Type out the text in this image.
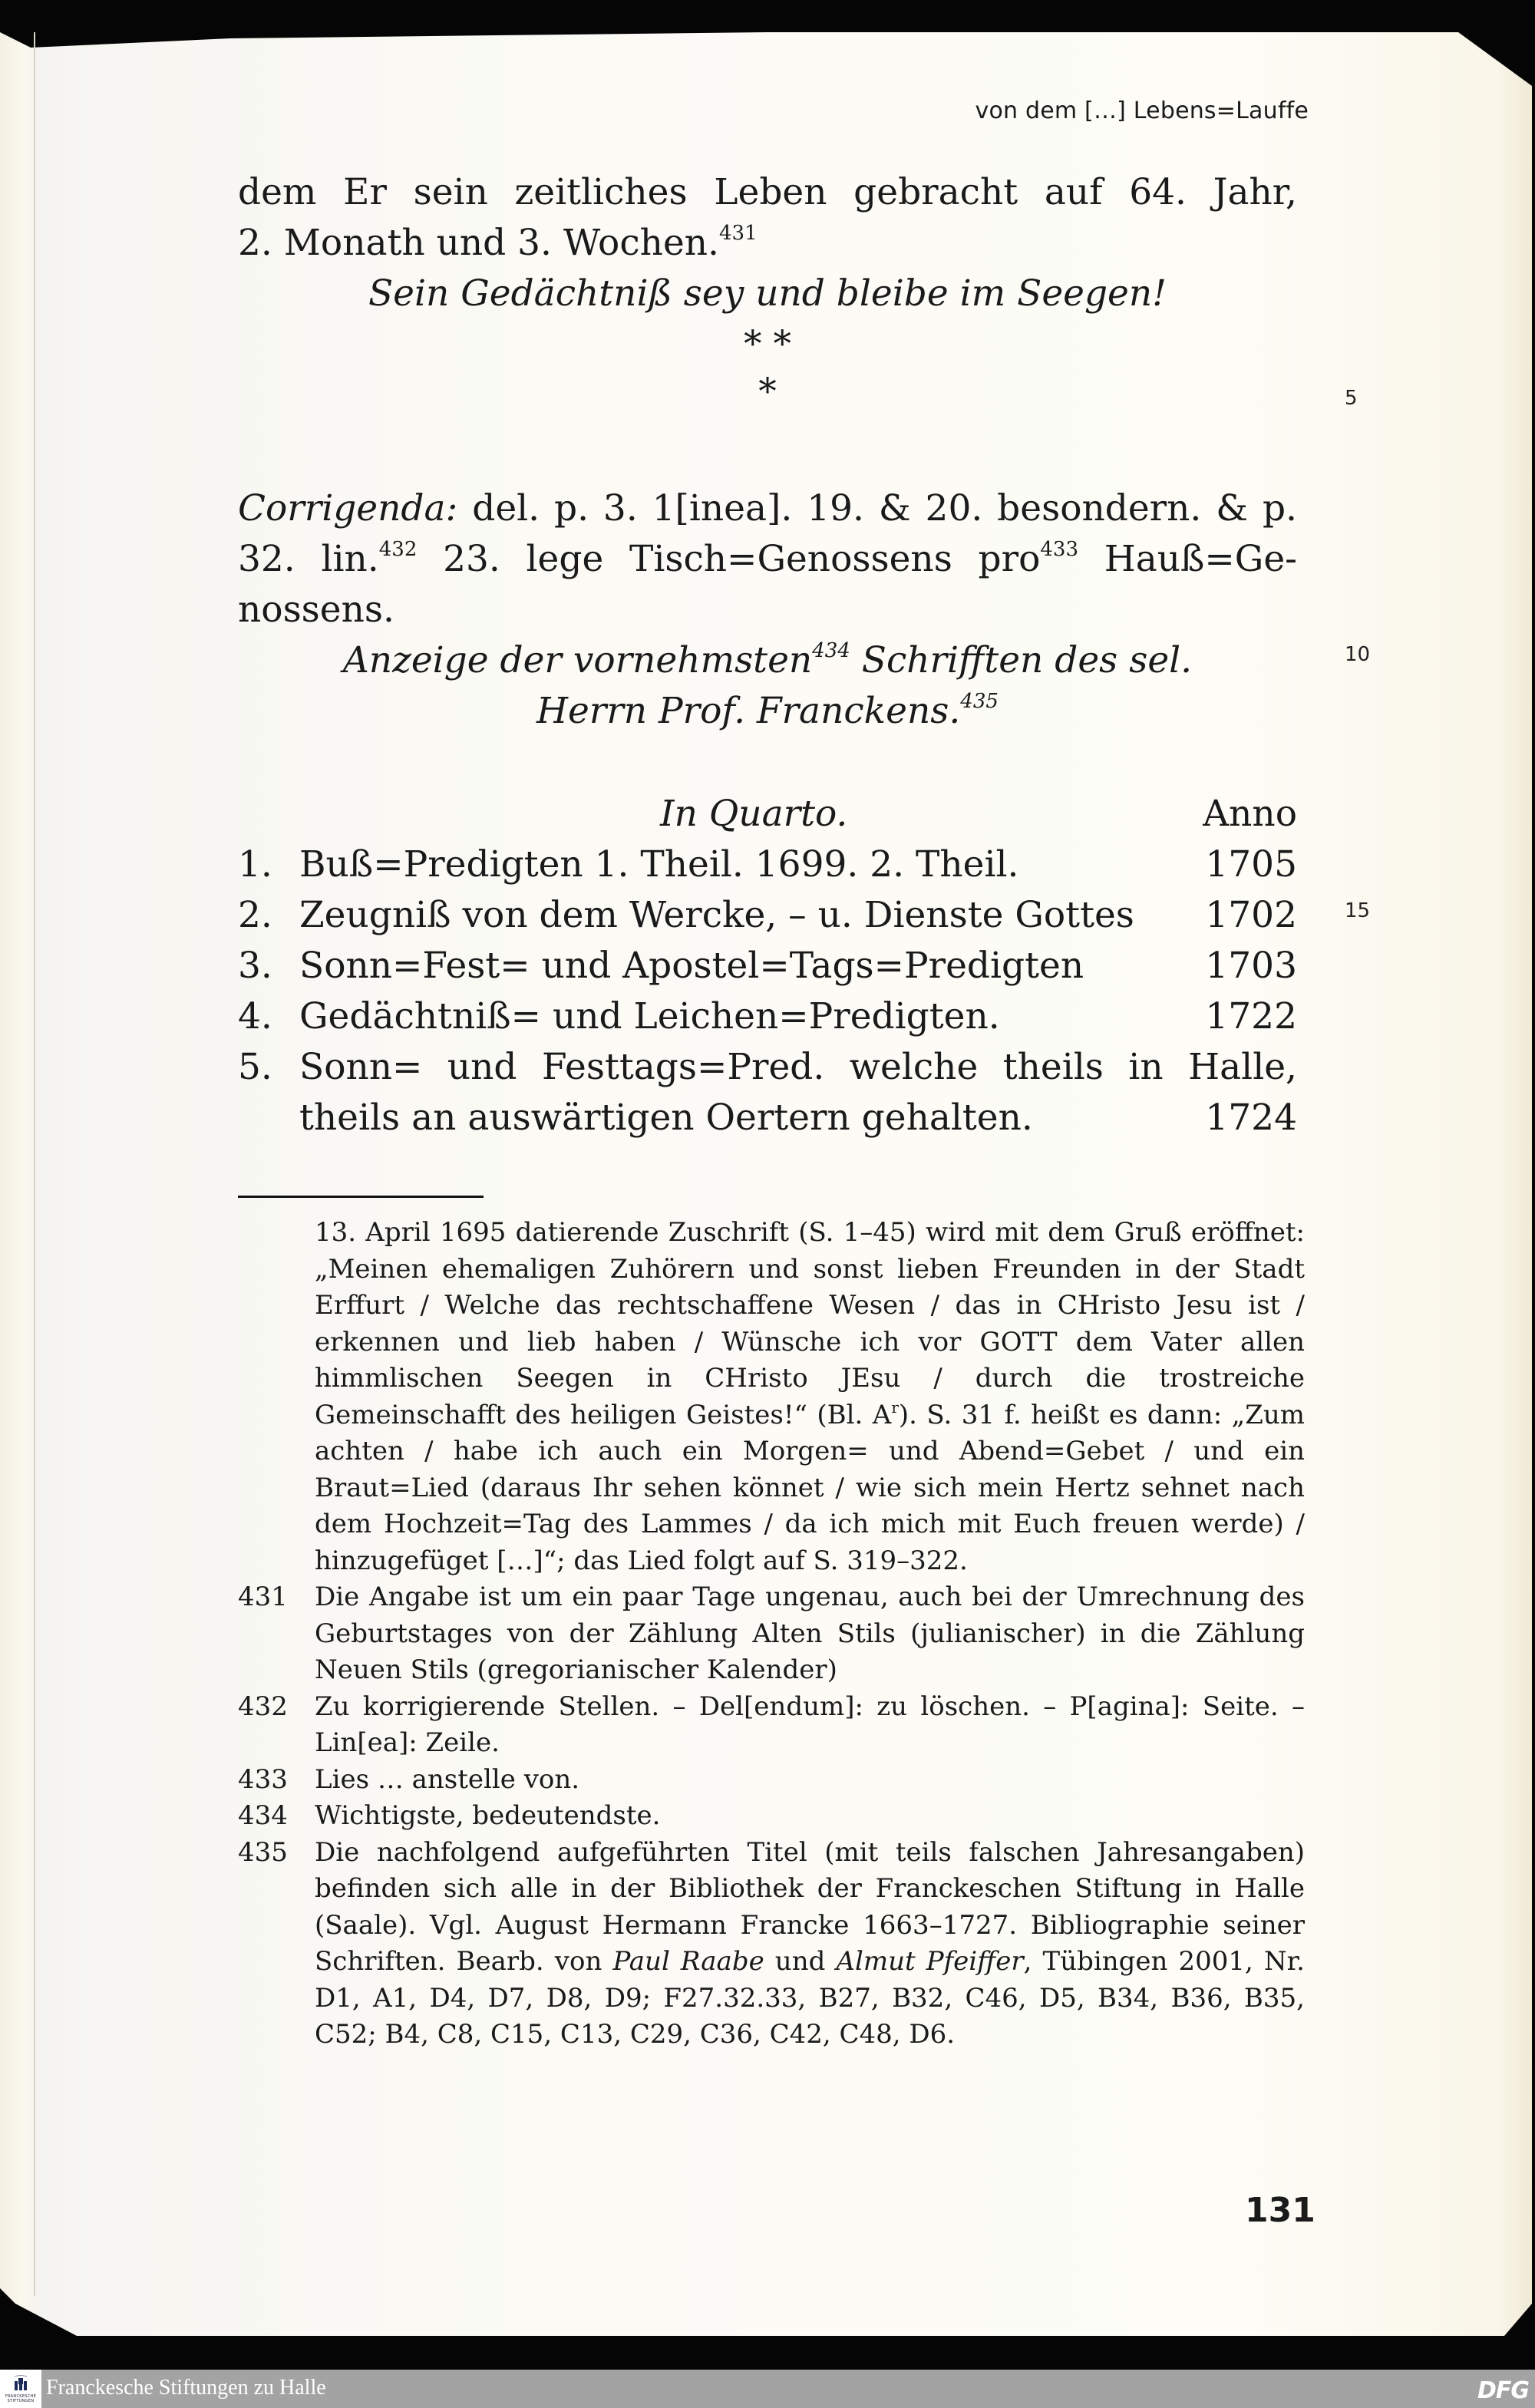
von dem […] Lebens=Lauffe
dem Er sein zeitliches Leben gebracht auf 64. Jahr,
2. Monath und 3. Wochen.$^{431}$
Sein Gedächtniß sey und bleibe im Seegen!
* *
*
Corrigenda: del. p. 3. 1[inea]. 19. & 20. besondern. & p.
32. lin.$^{432}$ 23. lege Tisch=Genossens pro$^{433}$ Hauß=Ge-
nossens.
Anzeige der vornehmsten$^{434}$ Schrifften des sel.
Herrn Prof. Franckens.$^{435}$
In Quarto.	Anno
1. Buß=Predigten 1. Theil. 1699. 2. Theil.	1705
2. Zeugniß von dem Wercke, – u. Dienste Gottes 1702
3. Sonn=Fest= und Apostel=Tags=Predigten	1703
4. Gedächtniß= und Leichen=Predigten.	1722
5. Sonn= und Festtags=Pred. welche theils in Halle,
theils an auswärtigen Oertern gehalten.	1724
5
10
15
13. April 1695 datierende Zuschrift (S. 1–45) wird mit dem Gruß eröffnet: „Meinen ehemaligen Zuhörern und sonst lieben Freunden in der Stadt Erffurt / Welche das rechtschaffene Wesen / das in CHristo Jesu ist / erkennen und lieb haben / Wünsche ich vor GOTT dem Vater allen himmlischen Seegen in CHristo JEsu / durch die trostreiche Gemeinschafft des heiligen Geistes!“ (Bl. $A^r$). S. 31 f. heißt es dann: „Zum achten / habe ich auch ein Morgen= und Abend=Gebet / und ein Braut=Lied (daraus Ihr sehen könnet / wie sich mein Hertz sehnet nach dem Hochzeit=Tag des Lammes / da ich mich mit Euch freuen werde) / hinzugefüget […]“; das Lied folgt auf S. 319–322.
431	Die Angabe ist um ein paar Tage ungenau, auch bei der Umrechnung des Geburtstages von der Zählung Alten Stils (julianischer) in die Zählung Neuen Stils (gregorianischer Kalender)
432	Zu korrigierende Stellen. – Del[endum]: zu löschen. – P[agina]: Seite. – Lin[ea]: Zeile.
433	Lies … anstelle von.
434	Wichtigste, bedeutendste.
435	Die nachfolgend aufgeführten Titel (mit teils falschen Jahresangaben) befinden sich alle in der Bibliothek der Franckeschen Stiftung in Halle (Saale). Vgl. August Hermann Francke 1663–1727. Bibliographie seiner Schriften. Bearb. von Paul Raabe und Almut Pfeiffer, Tübingen 2001, Nr. D1, A1, D4, D7, D8, D9; F27.32.33, B27, B32, C46, D5, B34, B36, B35, C52; B4, C8, C15, C13, C29, C36, C42, C48, D6.
131
FRANCKESCHE STIFTUNGEN
Franckesche Stiftungen zu Halle	DFG
